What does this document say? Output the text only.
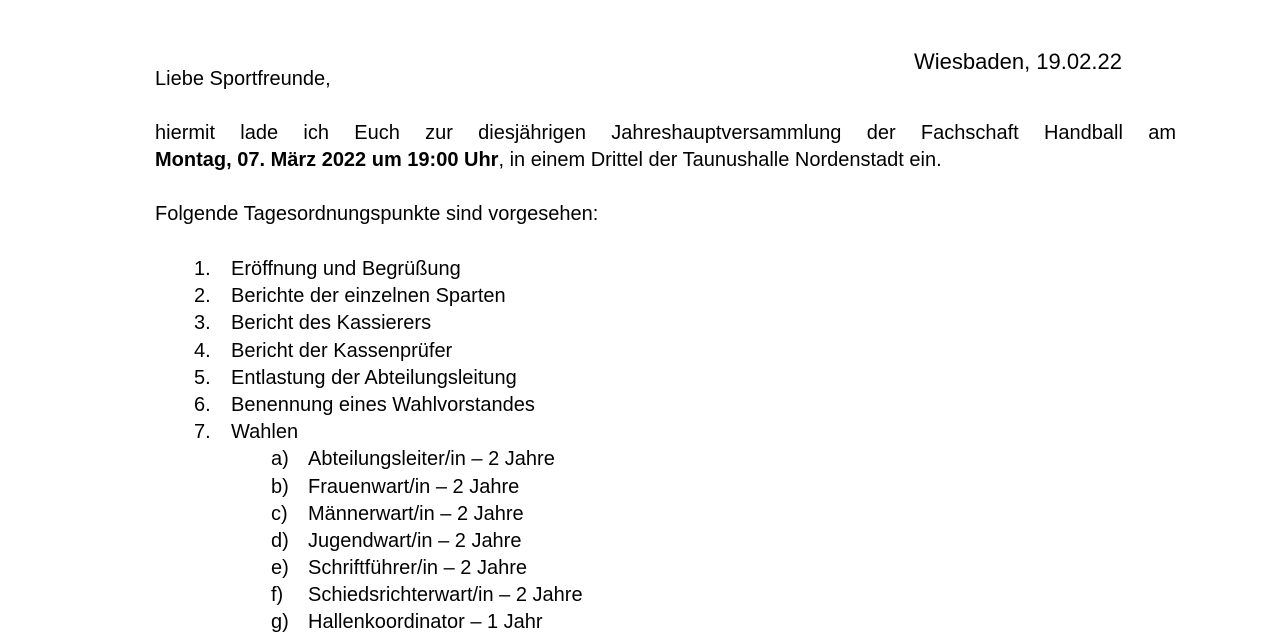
Wiesbaden, 19.02.22
Liebe Sportfreunde,
hiermit lade ich Euch zur diesjährigen Jahreshauptversammlung der Fachschaft Handball am
Montag, 07. März 2022 um 19:00 Uhr, in einem Drittel der Taunushalle Nordenstadt ein.
Folgende Tagesordnungspunkte sind vorgesehen:
1. Eröffnung und Begrüßung
2. Berichte der einzelnen Sparten
3. Bericht des Kassierers
4. Bericht der Kassenprüfer
5. Entlastung der Abteilungsleitung
6. Benennung eines Wahlvorstandes
7. Wahlen
a) Abteilungsleiter/in – 2 Jahre
b) Frauenwart/in – 2 Jahre
c) Männerwart/in – 2 Jahre
d) Jugendwart/in – 2 Jahre
e) Schriftführer/in – 2 Jahre
f) Schiedsrichterwart/in – 2 Jahre
g) Hallenkoordinator – 1 Jahr
